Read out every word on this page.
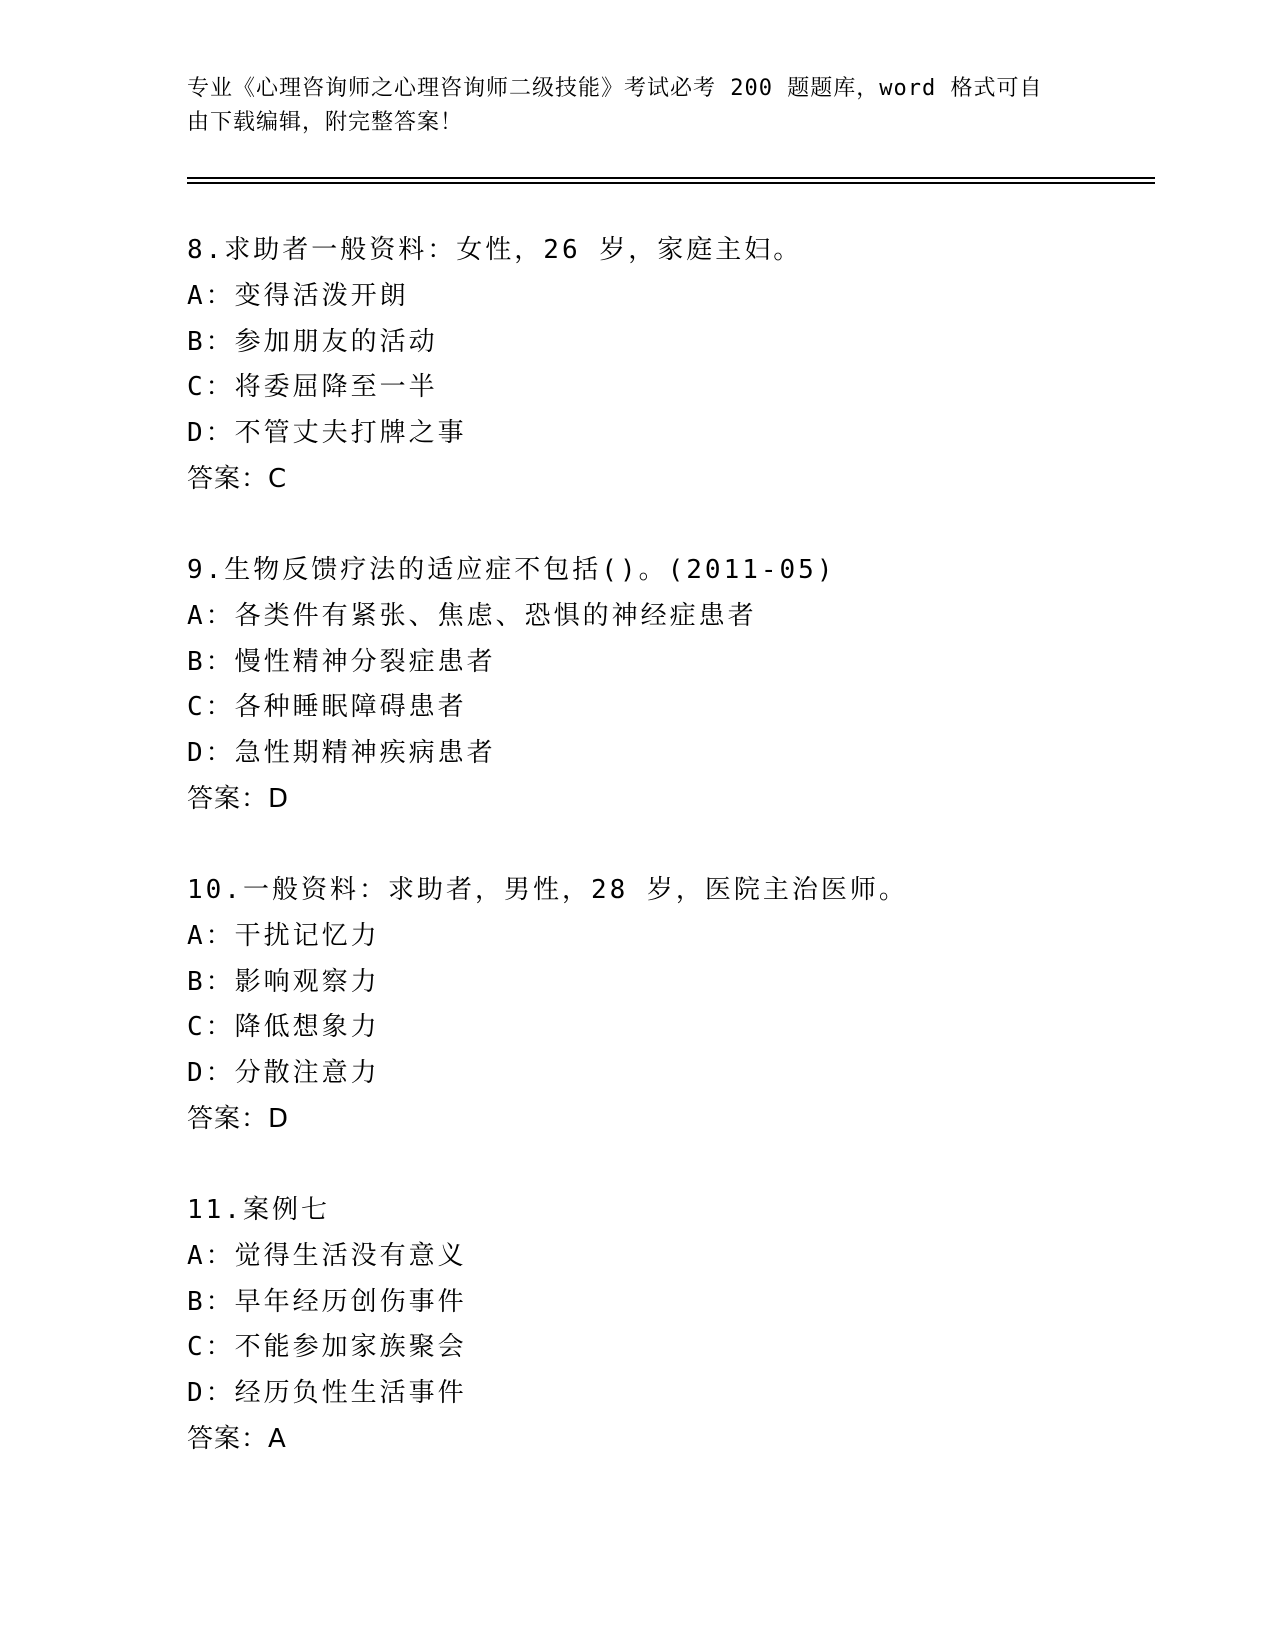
专业《心理咨询师之心理咨询师二级技能》考试必考 200 题题库，word 格式可自
由下载编辑，附完整答案！
8.求助者一般资料：女性，26 岁，家庭主妇。
A：变得活泼开朗
B：参加朋友的活动
C：将委屈降至一半
D：不管丈夫打牌之事
答案：C
9.生物反馈疗法的适应症不包括()。(2011-05)
A：各类件有紧张、焦虑、恐惧的神经症患者
B：慢性精神分裂症患者
C：各种睡眠障碍患者
D：急性期精神疾病患者
答案：D
10.一般资料：求助者，男性，28 岁，医院主治医师。
A：干扰记忆力
B：影响观察力
C：降低想象力
D：分散注意力
答案：D
11.案例七
A：觉得生活没有意义
B：早年经历创伤事件
C：不能参加家族聚会
D：经历负性生活事件
答案：A
